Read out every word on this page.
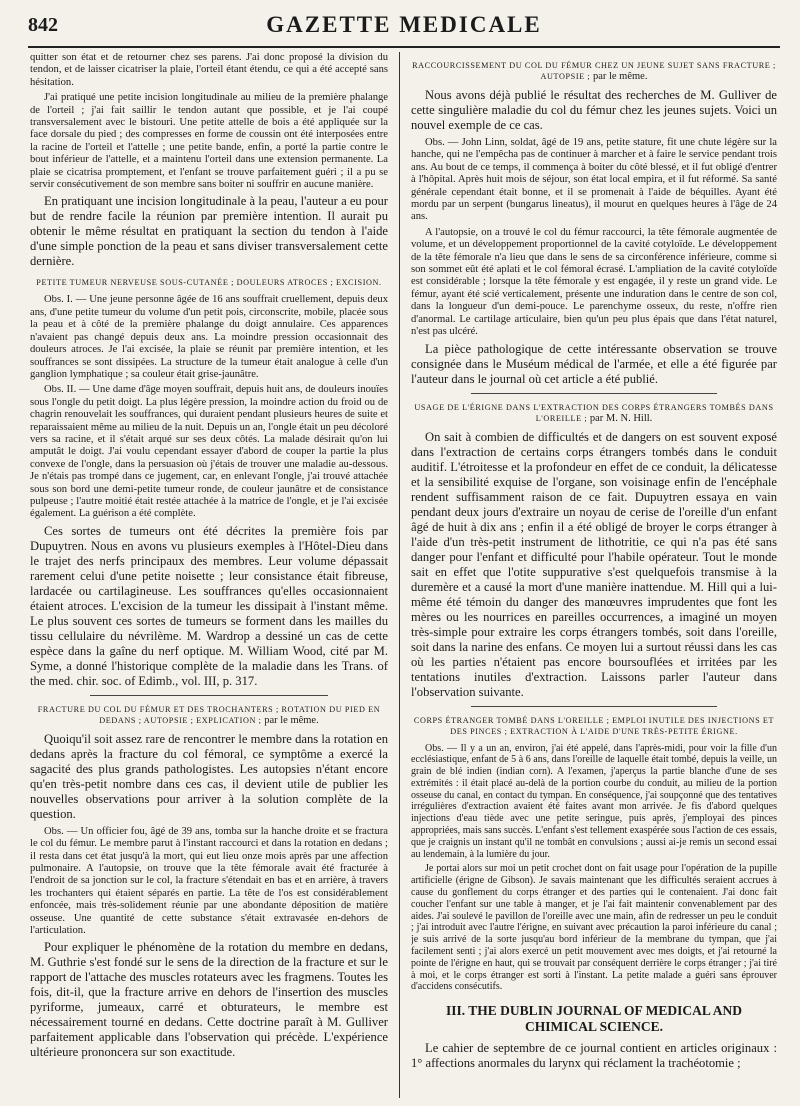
842	GAZETTE MEDICALE

quitter son état et de retourner chez ses parens. J'ai donc proposé la division du tendon, et de laisser cicatriser la plaie, l'orteil étant étendu, ce qui a été accepté sans hésitation.

J'ai pratiqué une petite incision longitudinale au milieu de la première phalange de l'orteil ; j'ai fait saillir le tendon autant que possible, et je l'ai coupé transversalement avec le bistouri. Une petite attelle de bois a été appliquée sur la face dorsale du pied ; des compresses en forme de coussin ont été interposées entre la racine de l'orteil et l'attelle ; une petite bande, enfin, a porté la partie contre le bout inférieur de l'attelle, et a maintenu l'orteil dans une extension permanente. La plaie se cicatrisa promptement, et l'enfant se trouve parfaitement guéri ; il a pu se servir consécutivement de son membre sans boiter ni souffrir en aucune manière.

En pratiquant une incision longitudinale à la peau, l'auteur a eu pour but de rendre facile la réunion par première intention. Il aurait pu obtenir le même résultat en pratiquant la section du tendon à l'aide d'une simple ponction de la peau et sans diviser transversalement cette dernière.

PETITE TUMEUR NERVEUSE SOUS-CUTANÉE ; DOULEURS ATROCES ; EXCISION.

Obs. I. — Une jeune personne âgée de 16 ans souffrait cruellement, depuis deux ans, d'une petite tumeur du volume d'un petit pois, circonscrite, mobile, placée sous la peau et à côté de la première phalange du doigt annulaire. Ces apparences n'avaient pas changé depuis deux ans. La moindre pression occasionnait des douleurs atroces. Je l'ai excisée, la plaie se réunit par première intention, et les souffrances se sont dissipées. La structure de la tumeur était analogue à celle d'un ganglion lymphatique ; sa couleur était grise-jaunâtre.

Obs. II. — Une dame d'âge moyen souffrait, depuis huit ans, de douleurs inouïes sous l'ongle du petit doigt. La plus légère pression, la moindre action du froid ou de chagrin renouvelait les souffrances, qui duraient pendant plusieurs heures de suite et reparaissaient même au milieu de la nuit. Depuis un an, l'ongle était un peu décoloré vers sa racine, et il s'était arqué sur ses deux côtés. La malade désirait qu'on lui amputât le doigt. J'ai voulu cependant essayer d'abord de couper la partie la plus convexe de l'ongle, dans la persuasion où j'étais de trouver une maladie au-dessous. Je n'étais pas trompé dans ce jugement, car, en enlevant l'ongle, j'ai trouvé attachée sous son bord une demi-petite tumeur ronde, de couleur jaunâtre et de consistance pulpeuse ; l'autre moitié était restée attachée à la matrice de l'ongle, et je l'ai excisée également. La guérison a été complète.

Ces sortes de tumeurs ont été décrites la première fois par Dupuytren. Nous en avons vu plusieurs exemples à l'Hôtel-Dieu dans le trajet des nerfs principaux des membres. Leur volume dépassait rarement celui d'une petite noisette ; leur consistance était fibreuse, lardacée ou cartilagineuse. Les souffrances qu'elles occasionnaient étaient atroces. L'excision de la tumeur les dissipait à l'instant même. Le plus souvent ces sortes de tumeurs se forment dans les mailles du tissu cellulaire du névrilème. M. Wardrop a dessiné un cas de cette espèce dans la gaîne du nerf optique. M. William Wood, cité par M. Syme, a donné l'historique complète de la maladie dans les Trans. of the med. chir. soc. of Edimb., vol. III, p. 317.

FRACTURE DU COL DU FÉMUR ET DES TROCHANTERS ; ROTATION DU PIED EN DEDANS ; AUTOPSIE ; EXPLICATION ; par le même.

Quoiqu'il soit assez rare de rencontrer le membre dans la rotation en dedans après la fracture du col fémoral, ce symptôme a exercé la sagacité des plus grands pathologistes. Les autopsies n'étant encore qu'en très-petit nombre dans ces cas, il devient utile de publier les nouvelles observations pour arriver à la solution complète de la question.

Obs. — Un officier fou, âgé de 39 ans, tomba sur la hanche droite et se fractura le col du fémur. Le membre parut à l'instant raccourci et dans la rotation en dedans ; il resta dans cet état jusqu'à la mort, qui eut lieu onze mois après par une affection pulmonaire. A l'autopsie, on trouve que la tête fémorale avait été fracturée à l'endroit de sa jonction sur le col, la fracture s'étendait en bas et en arrière, à travers les trochanters qui étaient séparés en partie. La tête de l'os est considérablement enfoncée, mais très-solidement réunie par une abondante déposition de matière osseuse. Une quantité de cette substance s'était extravasée en-dehors de l'articulation.

Pour expliquer le phénomène de la rotation du membre en dedans, M. Guthrie s'est fondé sur le sens de la direction de la fracture et sur le rapport de l'attache des muscles rotateurs avec les fragmens. Toutes les fois, dit-il, que la fracture arrive en dehors de l'insertion des muscles pyriforme, jumeaux, carré et obturateurs, le membre est nécessairement tourné en dedans. Cette doctrine paraît à M. Gulliver parfaitement applicable dans l'observation qui précède. L'expérience ultérieure prononcera sur son exactitude.

RACCOURCISSEMENT DU COL DU FÉMUR CHEZ UN JEUNE SUJET SANS FRACTURE ; AUTOPSIE ; par le même.

Nous avons déjà publié le résultat des recherches de M. Gulliver de cette singulière maladie du col du fémur chez les jeunes sujets. Voici un nouvel exemple de ce cas.

Obs. — John Linn, soldat, âgé de 19 ans, petite stature, fit une chute légère sur la hanche, qui ne l'empêcha pas de continuer à marcher et à faire le service pendant trois ans. Au bout de ce temps, il commença à boiter du côté blessé, et il fut obligé d'entrer à l'hôpital. Après huit mois de séjour, son état local empira, et il fut réformé. Sa santé générale cependant était bonne, et il se promenait à l'aide de béquilles. Ayant été mordu par un serpent (bungarus lineatus), il mourut en quelques heures à l'âge de 24 ans.

A l'autopsie, on a trouvé le col du fémur raccourci, la tête fémorale augmentée de volume, et un développement proportionnel de la cavité cotyloïde. Le développement de la tête fémorale n'a lieu que dans le sens de sa circonférence inférieure, comme si son sommet eût été aplati et le col fémoral écrasé. L'ampliation de la cavité cotyloïde est considérable ; lorsque la tête fémorale y est engagée, il y reste un grand vide. Le fémur, ayant été scié verticalement, présente une induration dans le centre de son col, dans la longueur d'un demi-pouce. Le parenchyme osseux, du reste, n'offre rien d'anormal. Le cartilage articulaire, bien qu'un peu plus épais que dans l'état naturel, n'est pas ulcéré.

La pièce pathologique de cette intéressante observation se trouve consignée dans le Muséum médical de l'armée, et elle a été figurée par l'auteur dans le journal où cet article a été publié.

USAGE DE L'ÉRIGNE DANS L'EXTRACTION DES CORPS ÉTRANGERS TOMBÉS DANS L'OREILLE ; par M. N. Hill.

On sait à combien de difficultés et de dangers on est souvent exposé dans l'extraction de certains corps étrangers tombés dans le conduit auditif. L'étroitesse et la profondeur en effet de ce conduit, la délicatesse et la sensibilité exquise de l'organe, son voisinage enfin de l'encéphale rendent suffisamment raison de ce fait. Dupuytren essaya en vain pendant deux jours d'extraire un noyau de cerise de l'oreille d'un enfant âgé de huit à dix ans ; enfin il a été obligé de broyer le corps étranger à l'aide d'un très-petit instrument de lithotritie, ce qui n'a pas été sans danger pour l'enfant et difficulté pour l'habile opérateur. Tout le monde sait en effet que l'otite suppurative s'est quelquefois transmise à la duremère et a causé la mort d'une manière inattendue. M. Hill qui a lui-même été témoin du danger des manœuvres imprudentes que font les mères ou les nourrices en pareilles occurrences, a imaginé un moyen très-simple pour extraire les corps étrangers tombés, soit dans l'oreille, soit dans la narine des enfans. Ce moyen lui a surtout réussi dans les cas où les parties n'étaient pas encore boursouflées et irritées par les tentations inutiles d'extraction. Laissons parler l'auteur dans l'observation suivante.

CORPS ÉTRANGER TOMBÉ DANS L'OREILLE ; EMPLOI INUTILE DES INJECTIONS ET DES PINCES ; EXTRACTION À L'AIDE D'UNE TRÈS-PETITE ÉRIGNE.

Obs. — Il y a un an, environ, j'ai été appelé, dans l'après-midi, pour voir la fille d'un ecclésiastique, enfant de 5 à 6 ans, dans l'oreille de laquelle était tombé, depuis la veille, un grain de blé indien (indian corn). A l'examen, j'aperçus la partie blanche d'une de ses extrémités : il était placé au-delà de la portion courbe du conduit, au milieu de la portion osseuse du canal, en contact du tympan. En conséquence, j'ai soupçonné que des tentatives irrégulières d'extraction avaient été faites avant mon arrivée. Je fis d'abord quelques injections d'eau tiède avec une petite seringue, puis après, j'employai des pinces appropriées, mais sans succès. L'enfant s'est tellement exaspérée sous l'action de ces essais, que je craignis un instant qu'il ne tombât en convulsions ; aussi ai-je remis un second essai au lendemain, à la lumière du jour.

Je portai alors sur moi un petit crochet dont on fait usage pour l'opération de la pupille artificielle (érigne de Gibson). Je savais maintenant que les difficultés seraient accrues à cause du gonflement du corps étranger et des parties qui le contenaient. J'ai donc fait coucher l'enfant sur une table à manger, et je l'ai fait maintenir convenablement par des aides. J'ai soulevé le pavillon de l'oreille avec une main, afin de redresser un peu le conduit ; j'ai introduit avec l'autre l'érigne, en suivant avec précaution la paroi inférieure du canal ; je suis arrivé de la sorte jusqu'au bord inférieur de la membrane du tympan, que j'ai facilement senti ; j'ai alors exercé un petit mouvement avec mes doigts, et j'ai retourné la pointe de l'érigne en haut, qui se trouvait par conséquent derrière le corps étranger ; j'ai tiré à moi, et le corps étranger est sorti à l'instant. La petite malade a guéri sans éprouver d'accidens consécutifs.

III. THE DUBLIN JOURNAL OF MEDICAL AND CHIMICAL SCIENCE.

Le cahier de septembre de ce journal contient en articles originaux : 1° affections anormales du larynx qui réclament la trachéotomie ;
